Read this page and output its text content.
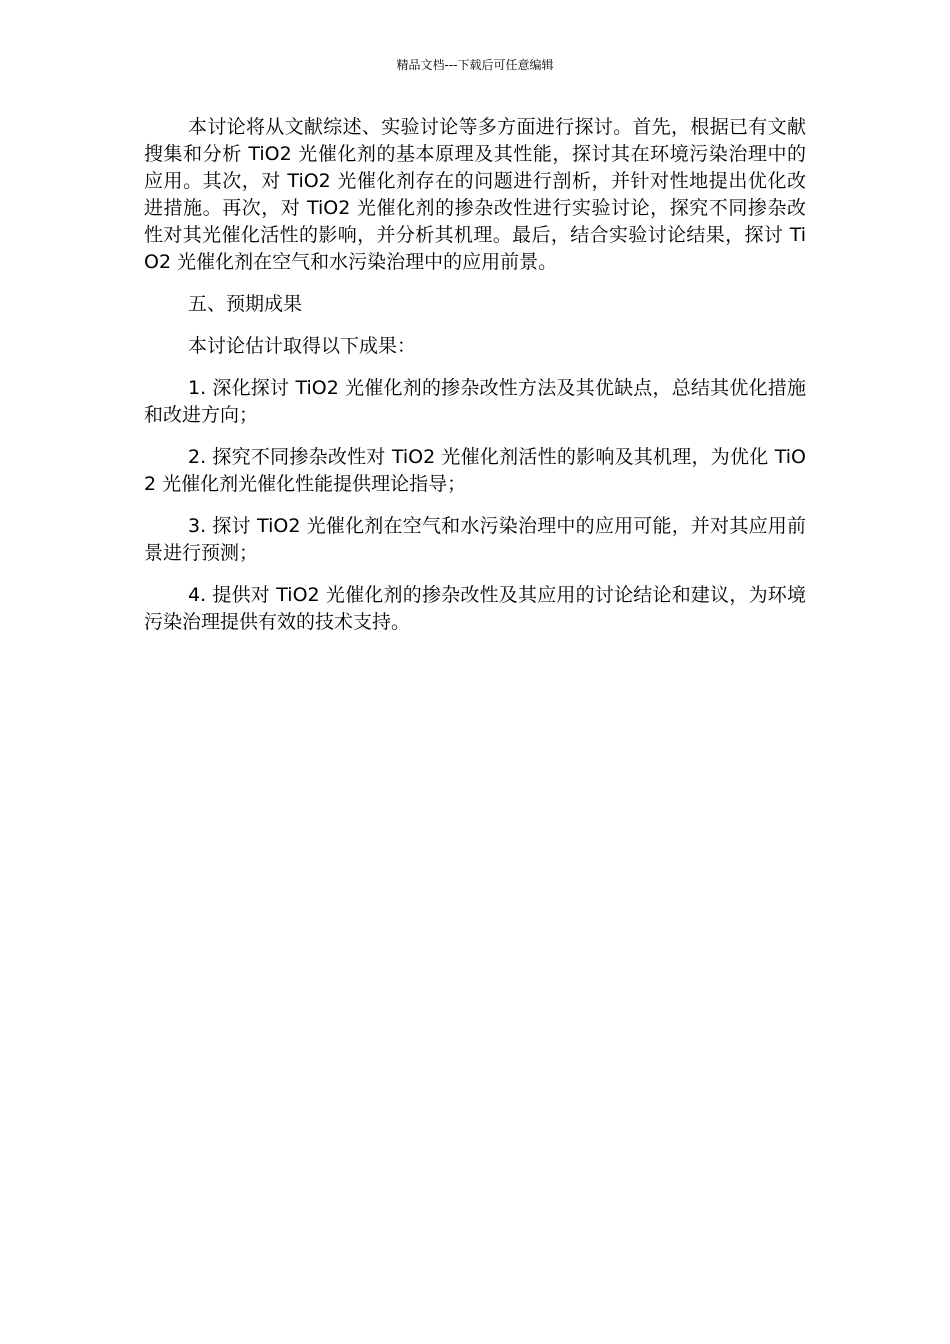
精品文档---下载后可任意编辑

本讨论将从文献综述、实验讨论等多方面进行探讨。首先，根据已有文献搜集和分析 TiO2 光催化剂的基本原理及其性能，探讨其在环境污染治理中的应用。其次，对 TiO2 光催化剂存在的问题进行剖析，并针对性地提出优化改进措施。再次，对 TiO2 光催化剂的掺杂改性进行实验讨论，探究不同掺杂改性对其光催化活性的影响，并分析其机理。最后，结合实验讨论结果，探讨 TiO2 光催化剂在空气和水污染治理中的应用前景。

五、预期成果

本讨论估计取得以下成果：

1. 深化探讨 TiO2 光催化剂的掺杂改性方法及其优缺点，总结其优化措施和改进方向；

2. 探究不同掺杂改性对 TiO2 光催化剂活性的影响及其机理，为优化 TiO2 光催化剂光催化性能提供理论指导；

3. 探讨 TiO2 光催化剂在空气和水污染治理中的应用可能，并对其应用前景进行预测；

4. 提供对 TiO2 光催化剂的掺杂改性及其应用的讨论结论和建议，为环境污染治理提供有效的技术支持。
